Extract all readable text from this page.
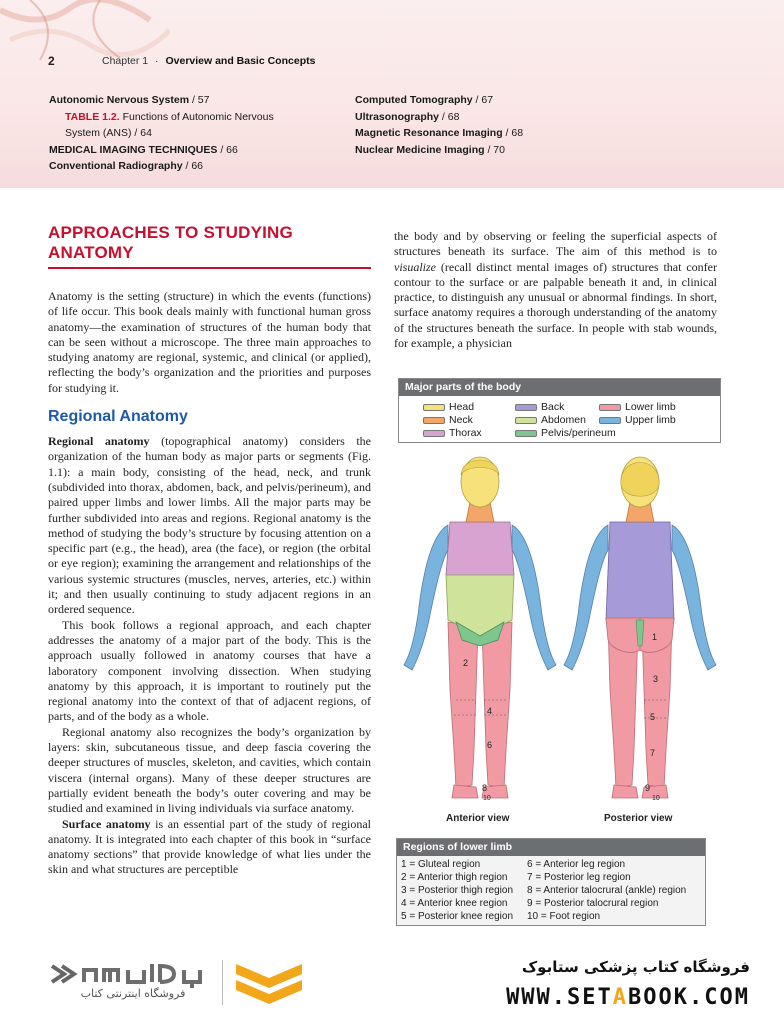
2	Chapter 1 · Overview and Basic Concepts
Autonomic Nervous System / 57
TABLE 1.2. Functions of Autonomic Nervous
System (ANS) / 64
MEDICAL IMAGING TECHNIQUES / 66
Conventional Radiography / 66
Computed Tomography / 67
Ultrasonography / 68
Magnetic Resonance Imaging / 68
Nuclear Medicine Imaging / 70
APPROACHES TO STUDYING
ANATOMY

Anatomy is the setting (structure) in which the events (functions) of life occur. This book deals mainly with functional human gross anatomy—the examination of structures of the human body that can be seen without a microscope. The three main approaches to studying anatomy are regional, systemic, and clinical (or applied), reflecting the body’s organization and the priorities and purposes for studying it.

Regional Anatomy

Regional anatomy (topographical anatomy) considers the organization of the human body as major parts or segments (Fig. 1.1): a main body, consisting of the head, neck, and trunk (subdivided into thorax, abdomen, back, and pelvis/perineum), and paired upper limbs and lower limbs. All the major parts may be further subdivided into areas and regions. Regional anatomy is the method of studying the body’s structure by focusing attention on a specific part (e.g., the head), area (the face), or region (the orbital or eye region); examining the arrangement and relationships of the various systemic structures (muscles, nerves, arteries, etc.) within it; and then usually continuing to study adjacent regions in an ordered sequence.

This book follows a regional approach, and each chapter addresses the anatomy of a major part of the body. This is the approach usually followed in anatomy courses that have a laboratory component involving dissection. When studying anatomy by this approach, it is important to routinely put the regional anatomy into the context of that of adjacent regions, of parts, and of the body as a whole.

Regional anatomy also recognizes the body’s organization by layers: skin, subcutaneous tissue, and deep fascia covering the deeper structures of muscles, skeleton, and cavities, which contain viscera (internal organs). Many of these deeper structures are partially evident beneath the body’s outer covering and may be studied and examined in living individuals via surface anatomy.

Surface anatomy is an essential part of the study of regional anatomy. It is integrated into each chapter of this book in “surface anatomy sections” that provide knowledge of what lies under the skin and what structures are perceptible

the body and by observing or feeling the superficial aspects of structures beneath its surface. The aim of this method is to visualize (recall distinct mental images of) structures that confer contour to the surface or are palpable beneath it and, in clinical practice, to distinguish any unusual or abnormal findings. In short, surface anatomy requires a thorough understanding of the anatomy of the structures beneath the surface. In people with stab wounds, for example, a physician

Major parts of the body
Head
Neck
Thorax
Back
Abdomen
Pelvis/perineum
Lower limb
Upper limb
2
4
6
8
10
1
3
5
7
9
10
Anterior view	Posterior view
Regions of lower limb
1 = Gluteal region
2 = Anterior thigh region
3 = Posterior thigh region
4 = Anterior knee region
5 = Posterior knee region
6 = Anterior leg region
7 = Posterior leg region
8 = Anterior talocrural (ankle) region
9 = Posterior talocrural region
10 = Foot region
فروشگاه اینترنتی کتاب
فروشگاه کتاب پزشکی ستابوک
WWW.SETABOOK.COM
